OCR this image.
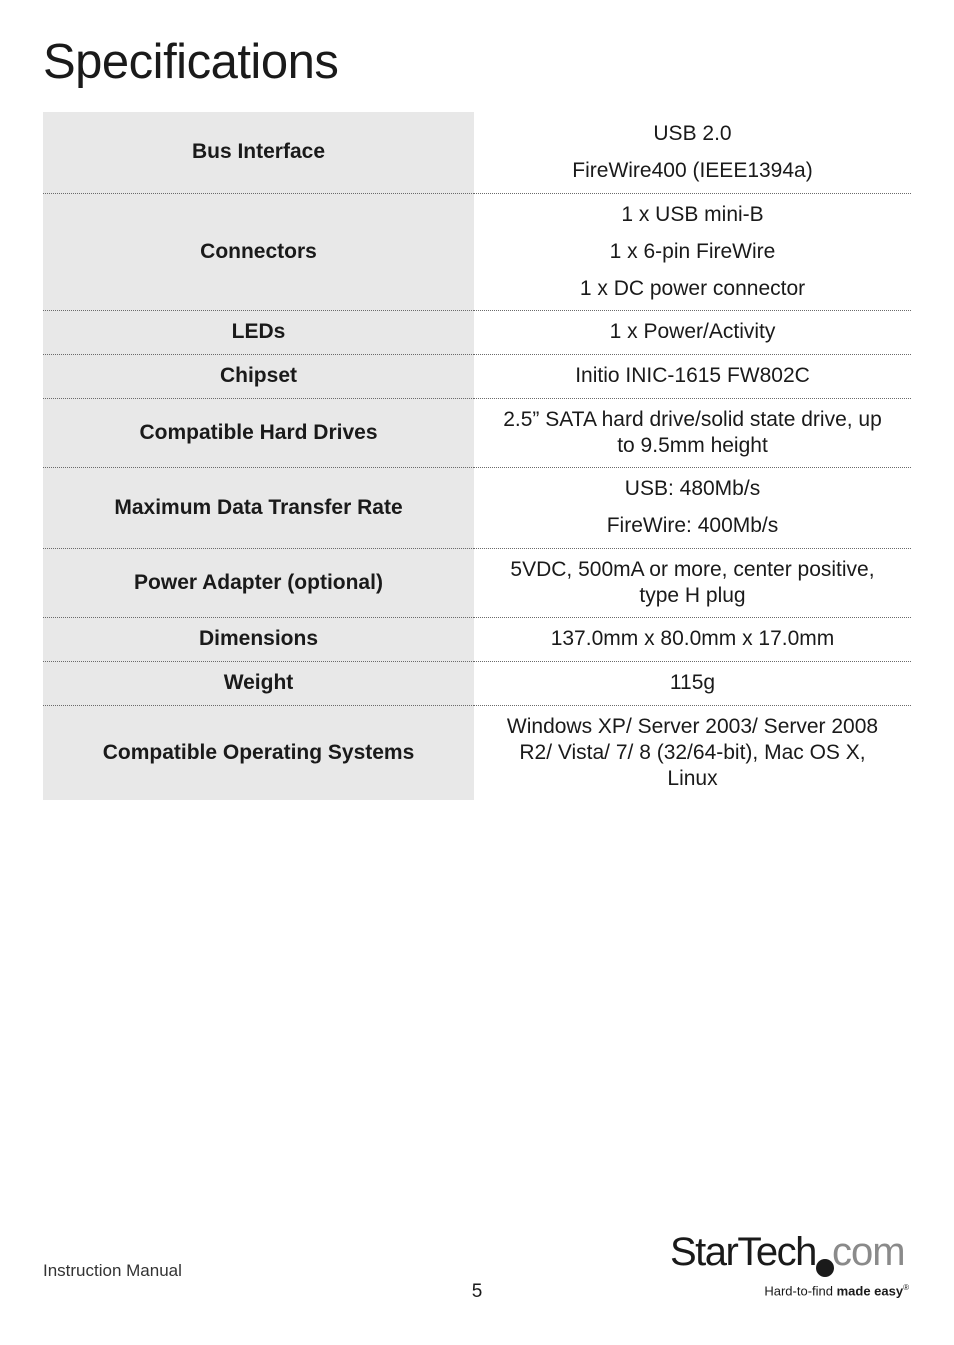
Specifications
Bus Interface	USB 2.0
FireWire400 (IEEE1394a)

Connectors	1 x USB mini-B
1 x 6-pin FireWire
1 x DC power connector

LEDs	1 x Power/Activity

Chipset	Initio INIC-1615 FW802C

Compatible Hard Drives	2.5” SATA hard drive/solid state drive, up to 9.5mm height

Maximum Data Transfer Rate	USB: 480Mb/s
FireWire: 400Mb/s

Power Adapter (optional)	5VDC, 500mA or more, center positive, type H plug

Dimensions	137.0mm x 80.0mm x 17.0mm

Weight	115g

Compatible Operating Systems	Windows XP/ Server 2003/ Server 2008 R2/ Vista/ 7/ 8 (32/64-bit), Mac OS X, Linux
Instruction Manual
5
StarTech com
Hard-to-find made easy®
